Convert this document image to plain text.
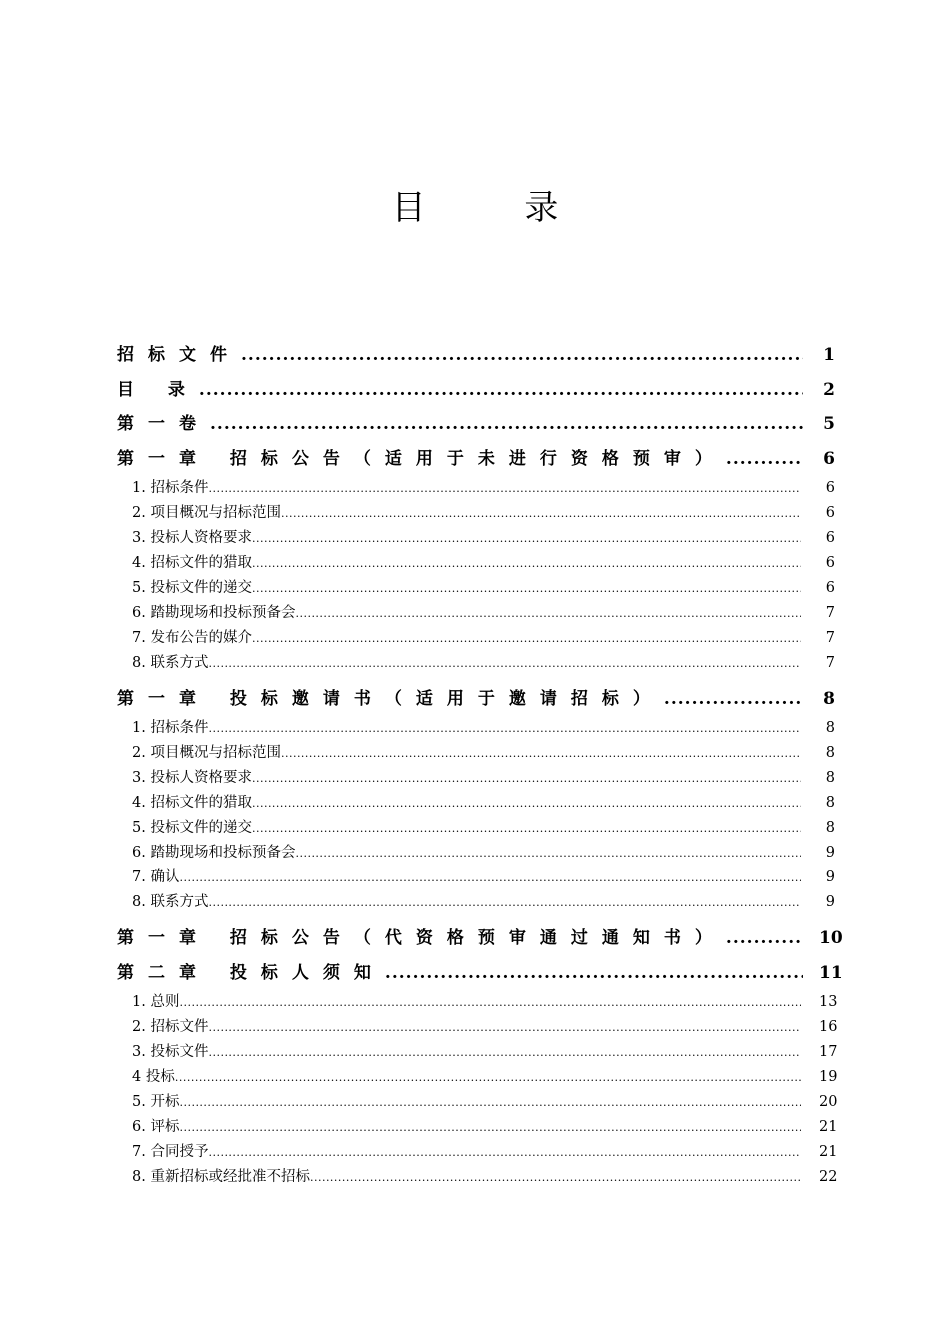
目 录
招标文件 .....	1
目 录 .....	2
第一卷 .....	5
第一章 招标公告（适用于未进行资格预审） .....	6
1. 招标条件 .....	6
2. 项目概况与招标范围 .....	6
3. 投标人资格要求 .....	6
4. 招标文件的猎取 .....	6
5. 投标文件的递交 .....	6
6. 踏勘现场和投标预备会 .....	7
7. 发布公告的媒介 .....	7
8. 联系方式 .....	7
第一章 投标邀请书（适用于邀请招标） .....	8
1. 招标条件 .....	8
2. 项目概况与招标范围 .....	8
3. 投标人资格要求 .....	8
4. 招标文件的猎取 .....	8
5. 投标文件的递交 .....	8
6. 踏勘现场和投标预备会 .....	9
7. 确认 .....	9
8. 联系方式 .....	9
第一章 招标公告（代资格预审通过通知书） .....	10
第二章 投标人须知 .....	11
1. 总则 .....	13
2. 招标文件 .....	16
3. 投标文件 .....	17
4 投标 .....	19
5. 开标 .....	20
6. 评标 .....	21
7. 合同授予 .....	21
8. 重新招标或经批准不招标 .....	22
